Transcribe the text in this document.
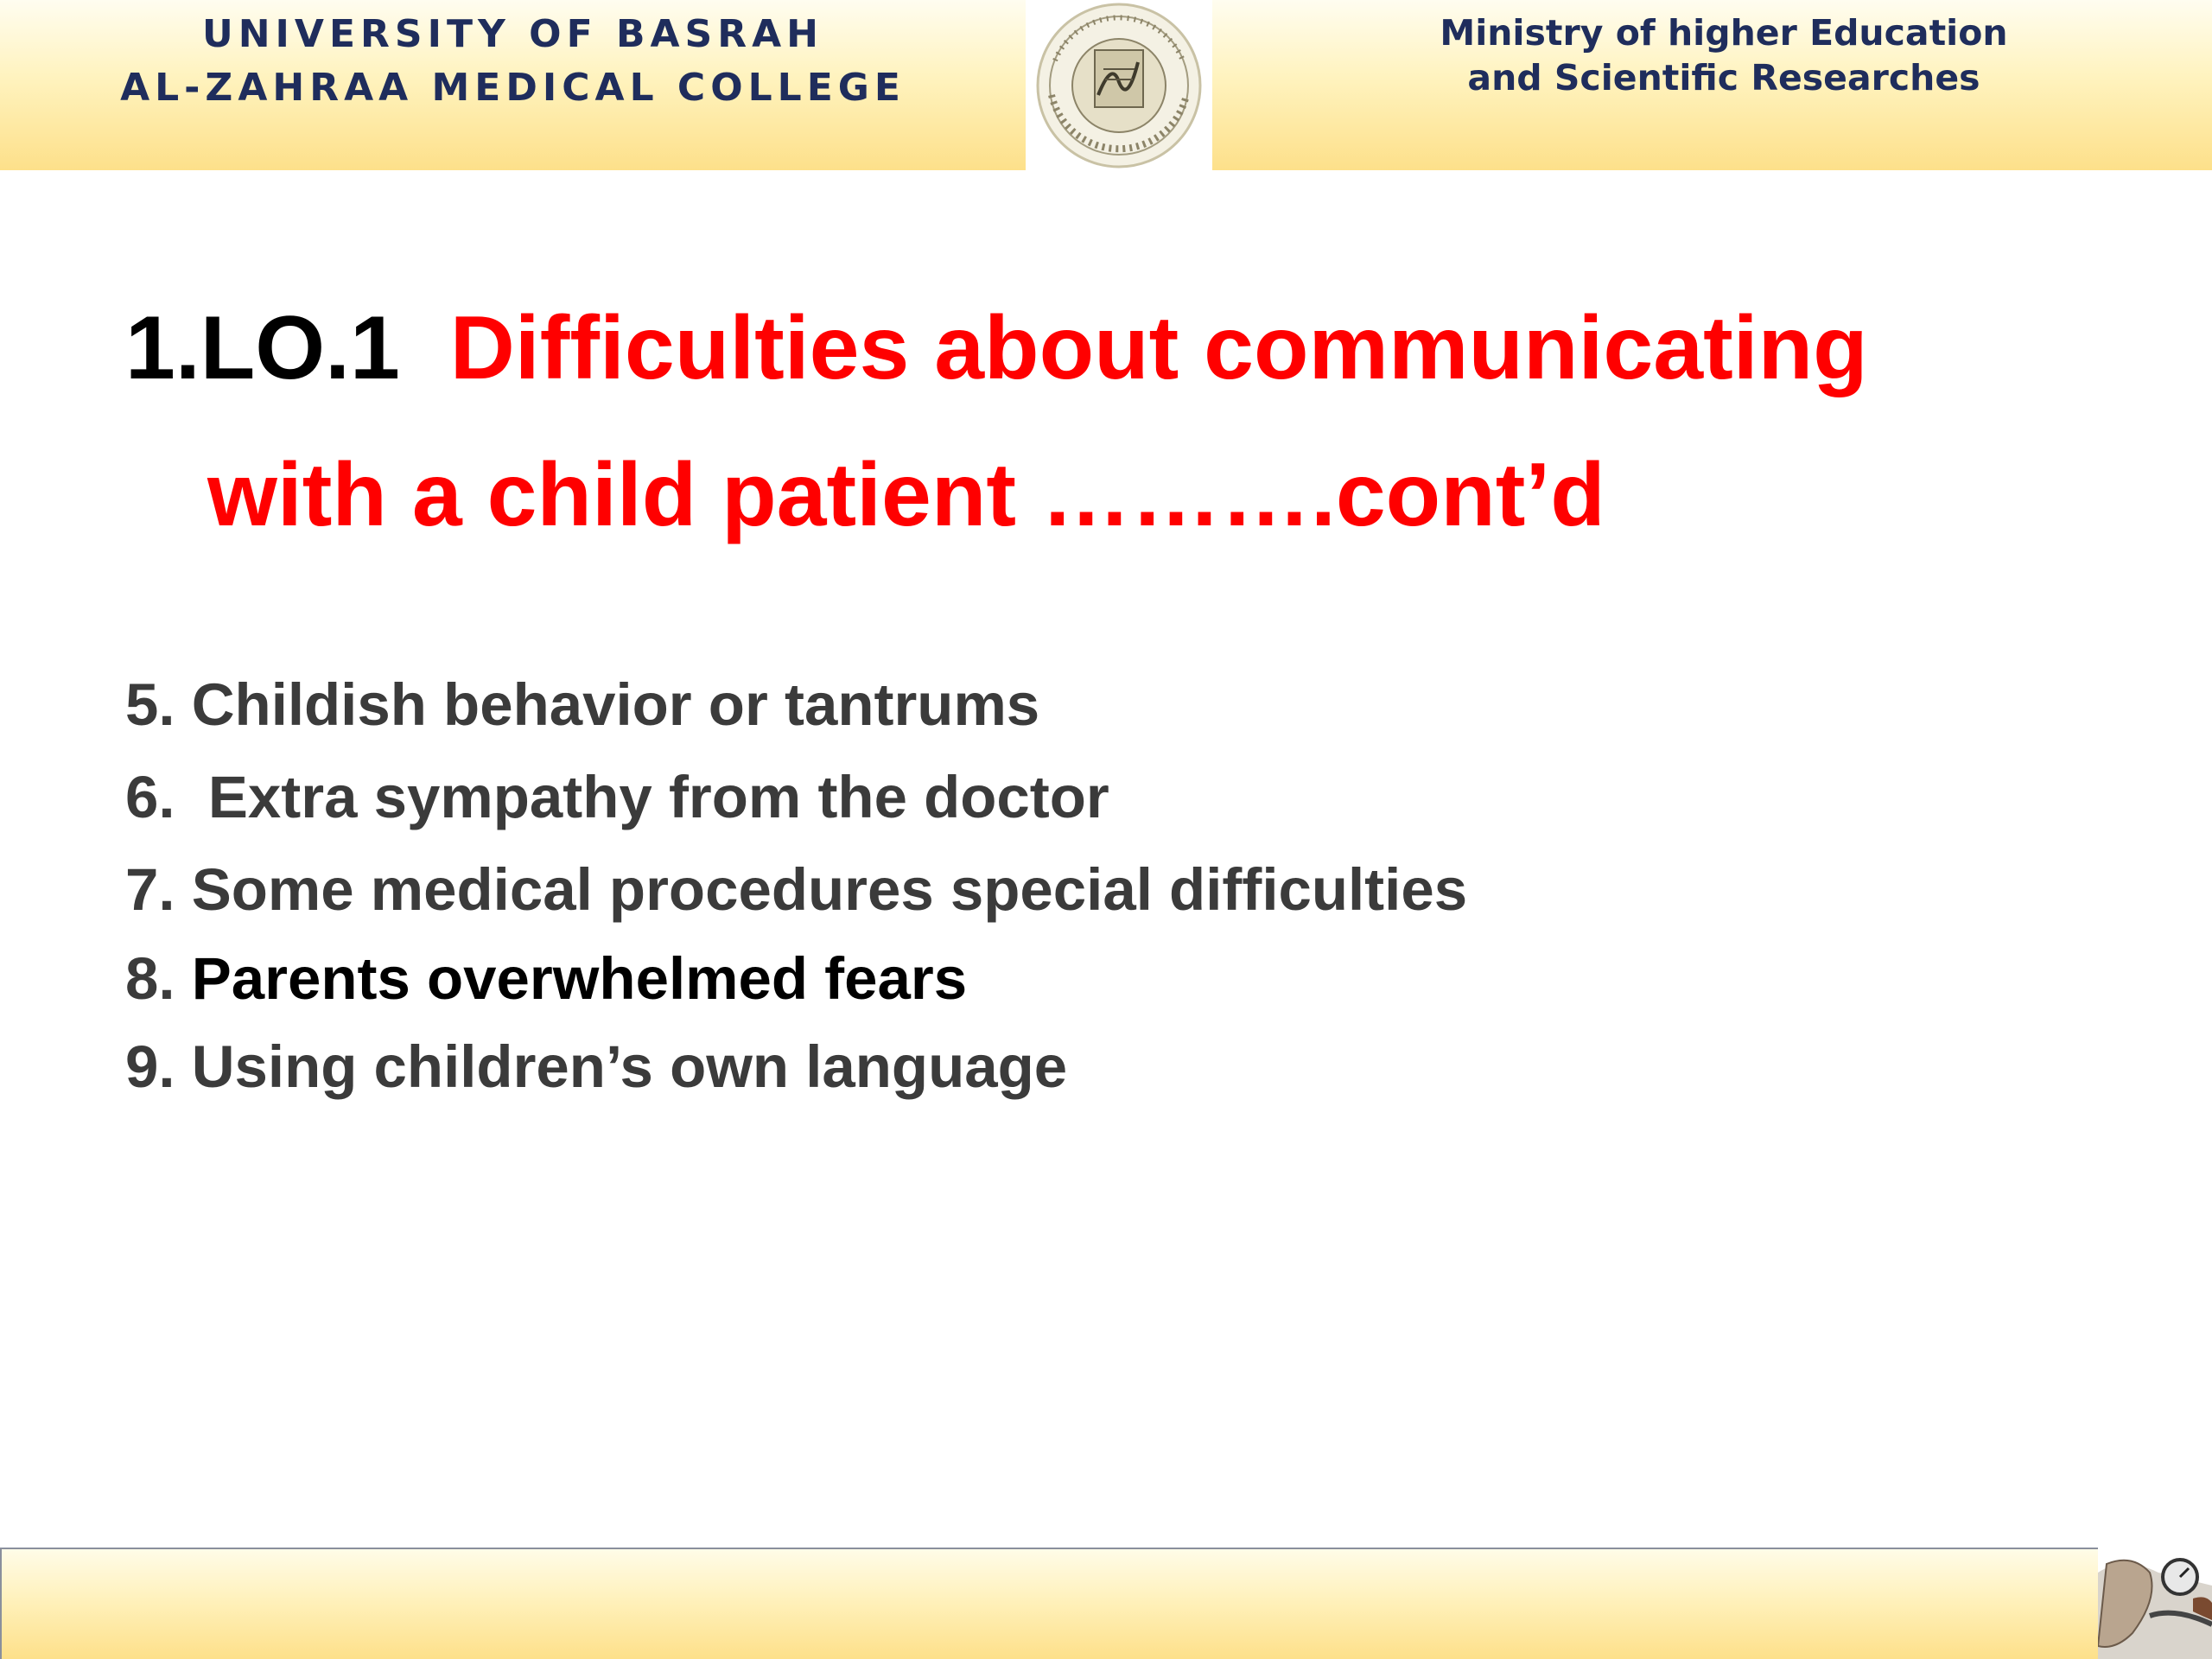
UNIVERSITY OF BASRAH
AL-ZAHRAA MEDICAL COLLEGE
Ministry of higher Education
and Scientific Researches
1.LO.1 Difficulties about communicating
with a child patient ……….cont’d
5. Childish behavior or tantrums
6.  Extra sympathy from the doctor
7. Some medical procedures special difficulties
8. Parents overwhelmed fears
9. Using children’s own language
